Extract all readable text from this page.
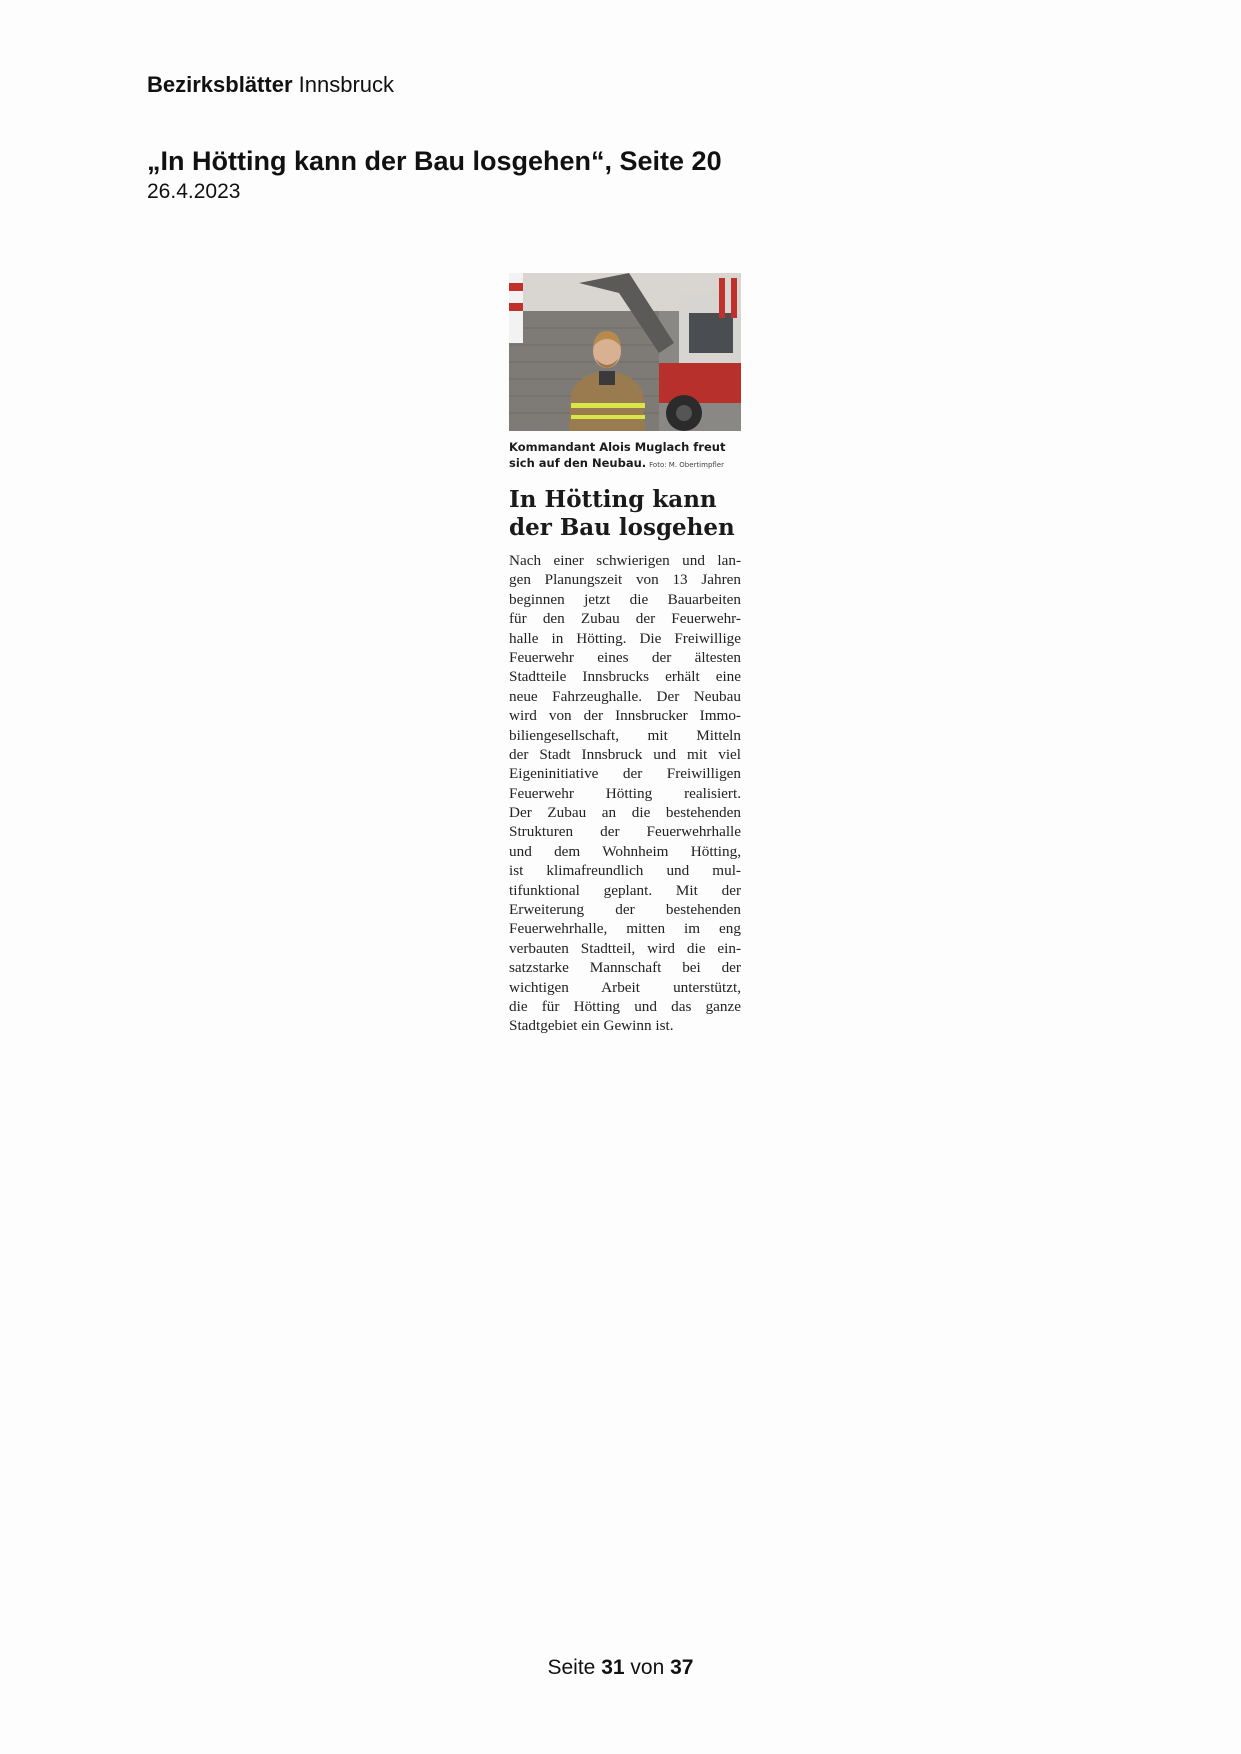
Bezirksblätter Innsbruck
„In Hötting kann der Bau losgehen“, Seite 20
26.4.2023
Kommandant Alois Muglach freut sich auf den Neubau. Foto: M. Obertimpfler
In Hötting kann
der Bau losgehen
Nach einer schwierigen und lan-
gen Planungszeit von 13 Jahren
beginnen jetzt die Bauarbeiten
für den Zubau der Feuerwehr-
halle in Hötting. Die Freiwillige
Feuerwehr eines der ältesten
Stadtteile Innsbrucks erhält eine
neue Fahrzeughalle. Der Neubau
wird von der Innsbrucker Immo-
biliengesellschaft, mit Mitteln
der Stadt Innsbruck und mit viel
Eigeninitiative der Freiwilligen
Feuerwehr Hötting realisiert.
Der Zubau an die bestehenden
Strukturen der Feuerwehrhalle
und dem Wohnheim Hötting,
ist klimafreundlich und mul-
tifunktional geplant. Mit der
Erweiterung der bestehenden
Feuerwehrhalle, mitten im eng
verbauten Stadtteil, wird die ein-
satzstarke Mannschaft bei der
wichtigen Arbeit unterstützt,
die für Hötting und das ganze
Stadtgebiet ein Gewinn ist.
Seite 31 von 37
